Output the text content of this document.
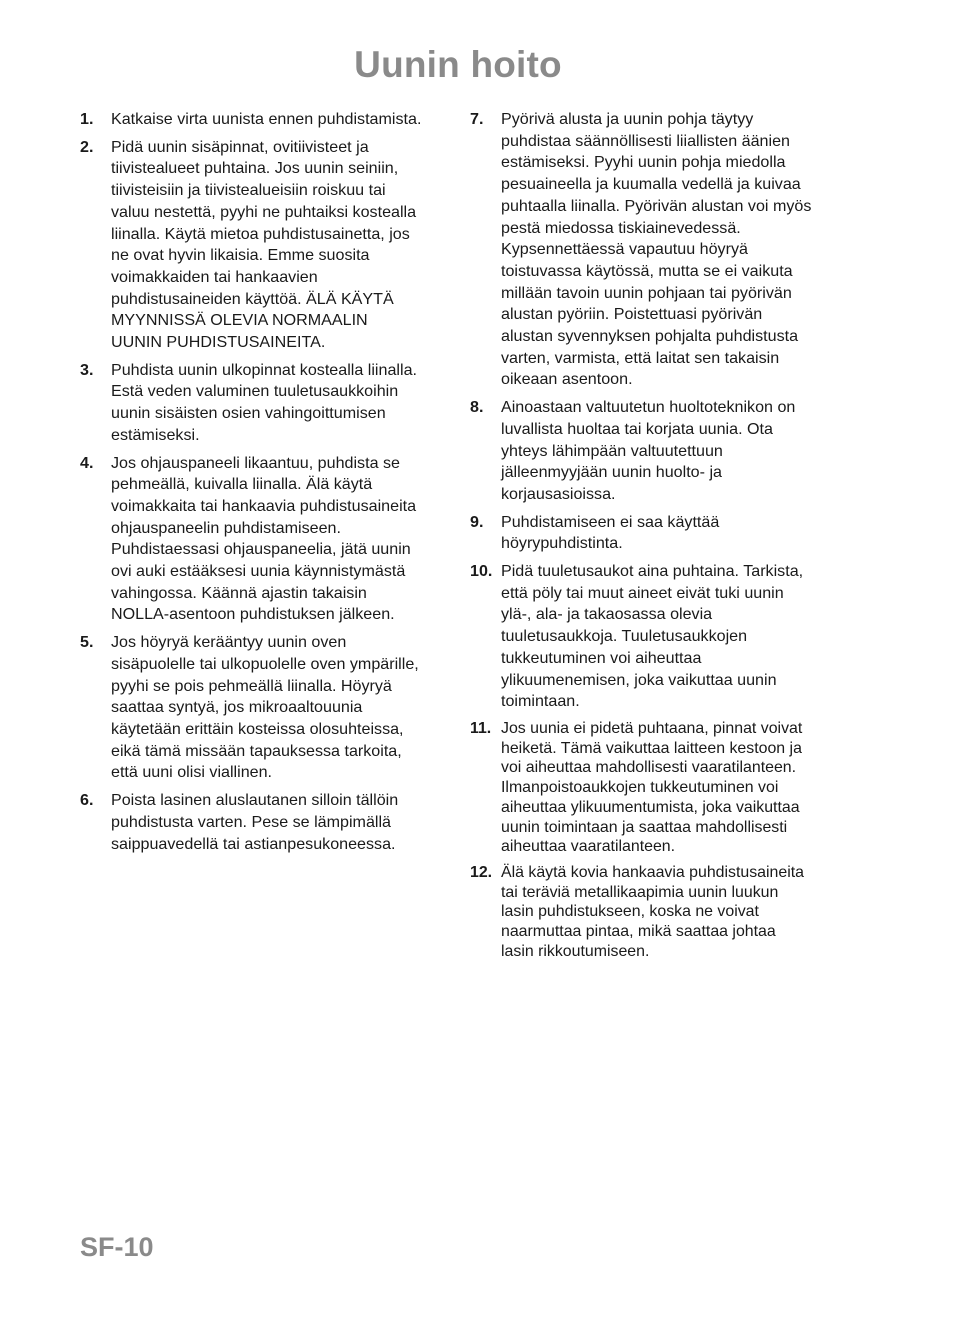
Uunin hoito
1.	Katkaise virta uunista ennen puhdistamista.
2.	Pidä uunin sisäpinnat, ovitiivisteet ja
tiivistealueet puhtaina. Jos uunin seiniin,
tiivisteisiin ja tiivistealueisiin roiskuu tai
valuu nestettä, pyyhi ne puhtaiksi kostealla
liinalla. Käytä mietoa puhdistusainetta, jos
ne ovat hyvin likaisia. Emme suosita
voimakkaiden tai hankaavien
puhdistusaineiden käyttöä. ÄLÄ KÄYTÄ
MYYNNISSÄ OLEVIA NORMAALIN
UUNIN PUHDISTUSAINEITA.
3.	Puhdista uunin ulkopinnat kostealla liinalla.
Estä veden valuminen tuuletusaukkoihin
uunin sisäisten osien vahingoittumisen
estämiseksi.
4.	Jos ohjauspaneeli likaantuu, puhdista se
pehmeällä, kuivalla liinalla. Älä käytä
voimakkaita tai hankaavia puhdistusaineita
ohjauspaneelin puhdistamiseen.
Puhdistaessasi ohjauspaneelia, jätä uunin
ovi auki estääksesi uunia käynnistymästä
vahingossa. Käännä ajastin takaisin
NOLLA-asentoon puhdistuksen jälkeen.
5.	Jos höyryä kerääntyy uunin oven
sisäpuolelle tai ulkopuolelle oven ympärille,
pyyhi se pois pehmeällä liinalla. Höyryä
saattaa syntyä, jos mikroaaltouunia
käytetään erittäin kosteissa olosuhteissa,
eikä tämä missään tapauksessa tarkoita,
että uuni olisi viallinen.
6.	Poista lasinen aluslautanen silloin tällöin
puhdistusta varten. Pese se lämpimällä
saippuavedellä tai astianpesukoneessa.
7.	Pyörivä alusta ja uunin pohja täytyy
puhdistaa säännöllisesti liiallisten äänien
estämiseksi. Pyyhi uunin pohja miedolla
pesuaineella ja kuumalla vedellä ja kuivaa
puhtaalla liinalla. Pyörivän alustan voi myös
pestä miedossa tiskiainevedessä.
Kypsennettäessä vapautuu höyryä
toistuvassa käytössä, mutta se ei vaikuta
millään tavoin uunin pohjaan tai pyörivän
alustan pyöriin. Poistettuasi pyörivän
alustan syvennyksen pohjalta puhdistusta
varten, varmista, että laitat sen takaisin
oikeaan asentoon.
8.	Ainoastaan valtuutetun huoltoteknikon on
luvallista huoltaa tai korjata uunia. Ota
yhteys lähimpään valtuutettuun
jälleenmyyjään uunin huolto- ja
korjausasioissa.
9.	Puhdistamiseen ei saa käyttää
höyrypuhdistinta.
10. Pidä tuuletusaukot aina puhtaina. Tarkista,
että pöly tai muut aineet eivät tuki uunin
ylä-, ala- ja takaosassa olevia
tuuletusaukkoja. Tuuletusaukkojen
tukkeutuminen voi aiheuttaa
ylikuumenemisen, joka vaikuttaa uunin
toimintaan.
11. Jos uunia ei pidetä puhtaana, pinnat voivat
heiketä. Tämä vaikuttaa laitteen kestoon ja
voi aiheuttaa mahdollisesti vaaratilanteen.
Ilmanpoistoaukkojen tukkeutuminen voi
aiheuttaa ylikuumentumista, joka vaikuttaa
uunin toimintaan ja saattaa mahdollisesti
aiheuttaa vaaratilanteen.
12. Älä käytä kovia hankaavia puhdistusaineita
tai teräviä metallikaapimia uunin luukun
lasin puhdistukseen, koska ne voivat
naarmuttaa pintaa, mikä saattaa johtaa
lasin rikkoutumiseen.
SF-10
